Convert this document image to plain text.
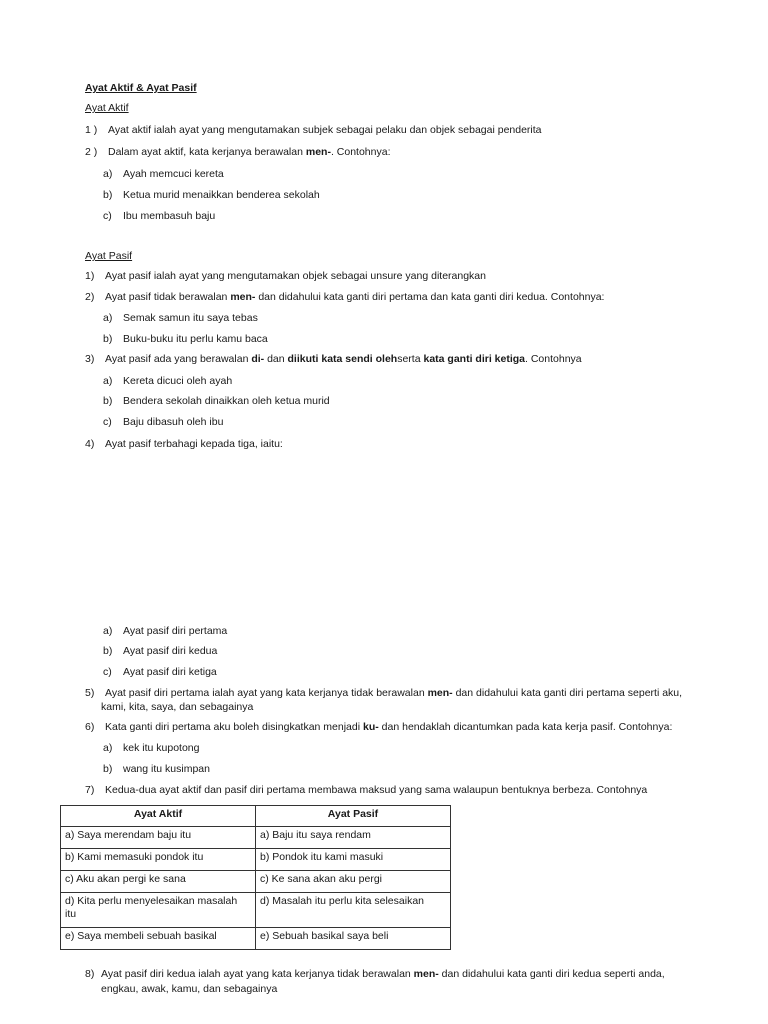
Ayat Aktif & Ayat Pasif
Ayat Aktif
1 ) Ayat aktif ialah ayat yang mengutamakan subjek sebagai pelaku dan objek sebagai penderita
2 ) Dalam ayat aktif, kata kerjanya berawalan men-. Contohnya:
a) Ayah memcuci kereta
b) Ketua murid menaikkan benderea sekolah
c) Ibu membasuh baju
Ayat Pasif
1) Ayat pasif ialah ayat yang mengutamakan objek sebagai unsure yang diterangkan
2) Ayat pasif tidak berawalan men- dan didahului kata ganti diri pertama dan kata ganti diri kedua. Contohnya:
a) Semak samun itu saya tebas
b) Buku-buku itu perlu kamu baca
3) Ayat pasif ada yang berawalan di- dan diikuti kata sendi olehserta kata ganti diri ketiga. Contohnya
a) Kereta dicuci oleh ayah
b) Bendera sekolah dinaikkan oleh ketua murid
c) Baju dibasuh oleh ibu
4) Ayat pasif terbahagi kepada tiga, iaitu:
a) Ayat pasif diri pertama
b) Ayat pasif diri kedua
c) Ayat pasif diri ketiga
5) Ayat pasif diri pertama ialah ayat yang kata kerjanya tidak berawalan men- dan didahului kata ganti diri pertama seperti aku,
kami, kita, saya, dan sebagainya
6) Kata ganti diri pertama aku boleh disingkatkan menjadi ku- dan hendaklah dicantumkan pada kata kerja pasif. Contohnya:
a) kek itu kupotong
b) wang itu kusimpan
7) Kedua-dua ayat aktif dan pasif diri pertama membawa maksud yang sama walaupun bentuknya berbeza. Contohnya
Ayat Aktif	Ayat Pasif
a) Saya merendam baju itu	a) Baju itu saya rendam
b) Kami memasuki pondok itu	b) Pondok itu kami masuki
c) Aku akan pergi ke sana	c) Ke sana akan aku pergi
d) Kita perlu menyelesaikan masalah itu	d) Masalah itu perlu kita selesaikan
e) Saya membeli sebuah basikal	e) Sebuah basikal saya beli
8) Ayat pasif diri kedua ialah ayat yang kata kerjanya tidak berawalan men- dan didahului kata ganti diri kedua seperti anda,
engkau, awak, kamu, dan sebagainya
